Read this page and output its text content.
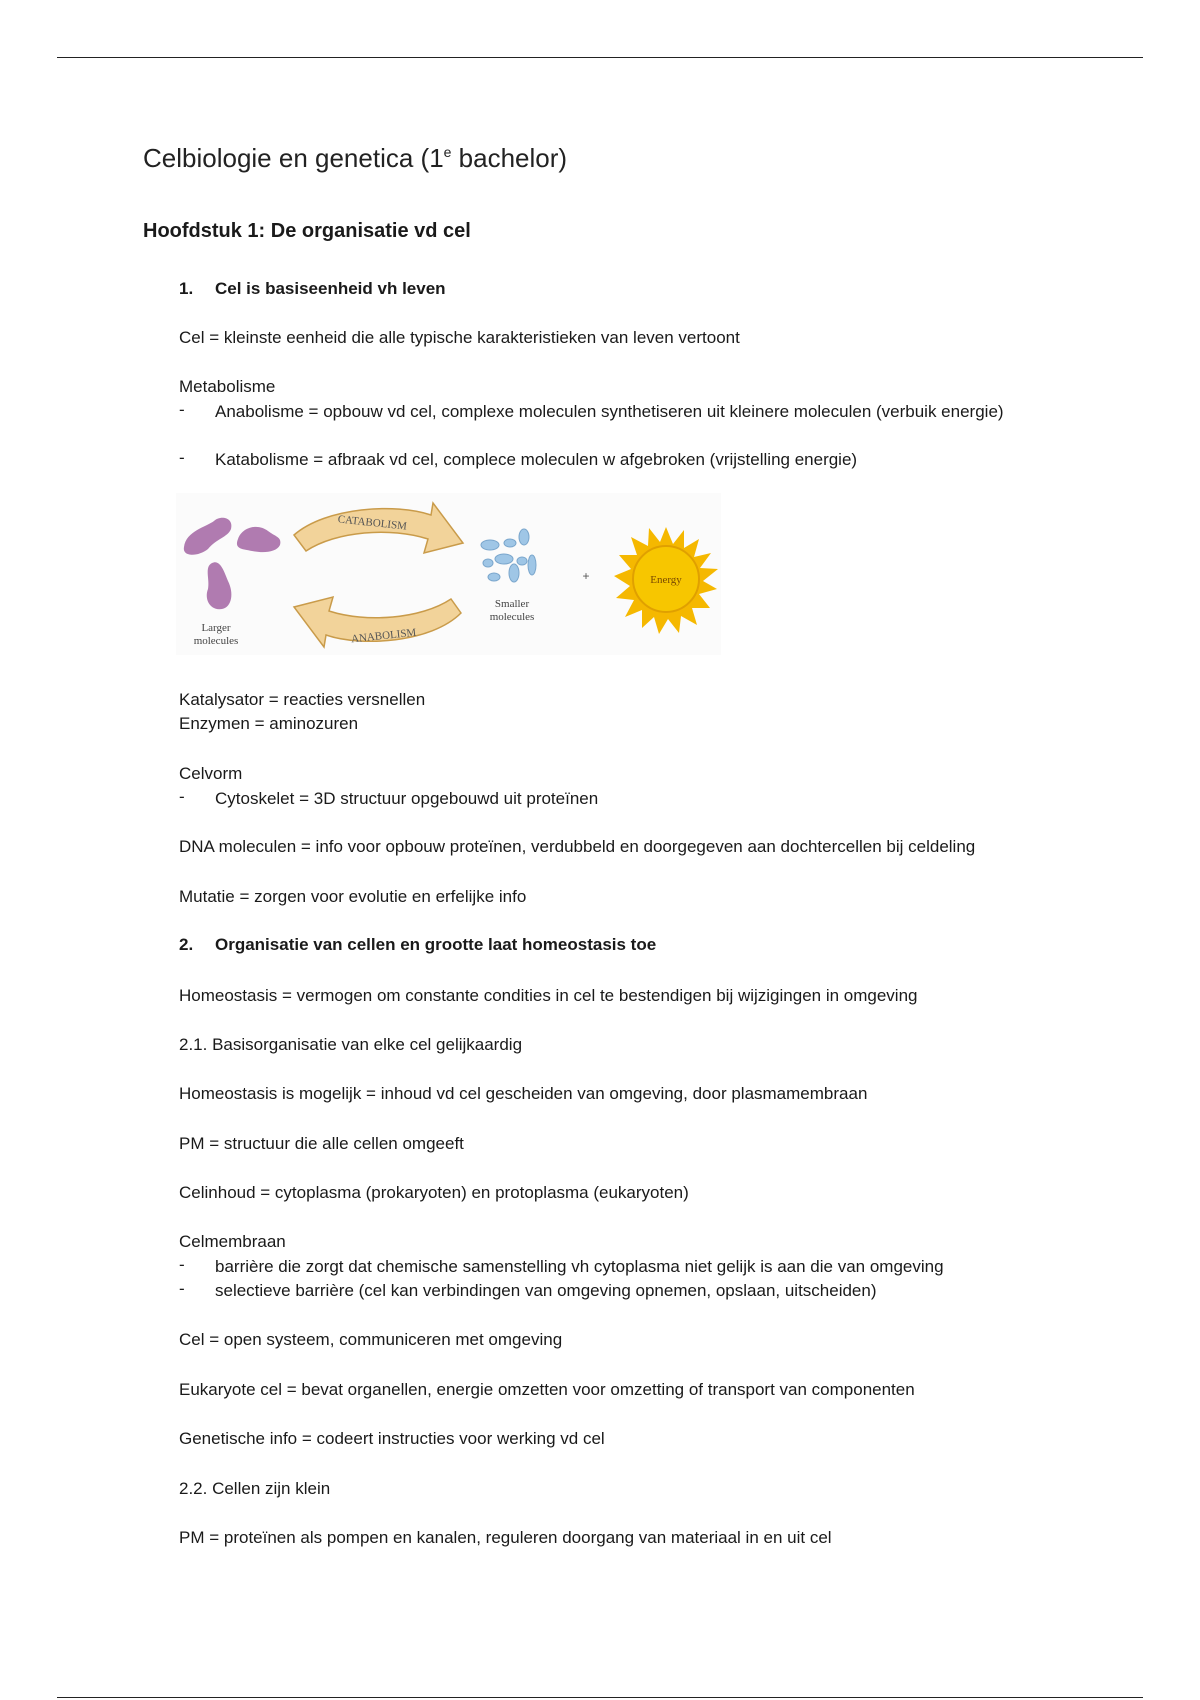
Celbiologie en genetica (1e bachelor)
Hoofdstuk 1: De organisatie vd cel
1. Cel is basiseenheid vh leven
Cel = kleinste eenheid die alle typische karakteristieken van leven vertoont
Metabolisme
-	Anabolisme = opbouw vd cel, complexe moleculen synthetiseren uit kleinere moleculen (verbuik energie)
-	Katabolisme = afbraak vd cel, complece moleculen w afgebroken (vrijstelling energie)
Larger
molecules
CATABOLISM
ANABOLISM
Smaller
molecules
+	Energy
Katalysator = reacties versnellen
Enzymen = aminozuren
Celvorm
-	Cytoskelet = 3D structuur opgebouwd uit proteïnen
DNA moleculen = info voor opbouw proteïnen, verdubbeld en doorgegeven aan dochtercellen bij celdeling
Mutatie = zorgen voor evolutie en erfelijke info
2. Organisatie van cellen en grootte laat homeostasis toe
Homeostasis = vermogen om constante condities in cel te bestendigen bij wijzigingen in omgeving
2.1. Basisorganisatie van elke cel gelijkaardig
Homeostasis is mogelijk = inhoud vd cel gescheiden van omgeving, door plasmamembraan
PM = structuur die alle cellen omgeeft
Celinhoud = cytoplasma (prokaryoten) en protoplasma (eukaryoten)
Celmembraan
-	barrière die zorgt dat chemische samenstelling vh cytoplasma niet gelijk is aan die van omgeving
-	selectieve barrière (cel kan verbindingen van omgeving opnemen, opslaan, uitscheiden)
Cel = open systeem, communiceren met omgeving
Eukaryote cel = bevat organellen, energie omzetten voor omzetting of transport van componenten
Genetische info = codeert instructies voor werking vd cel
2.2. Cellen zijn klein
PM = proteïnen als pompen en kanalen, reguleren doorgang van materiaal in en uit cel
